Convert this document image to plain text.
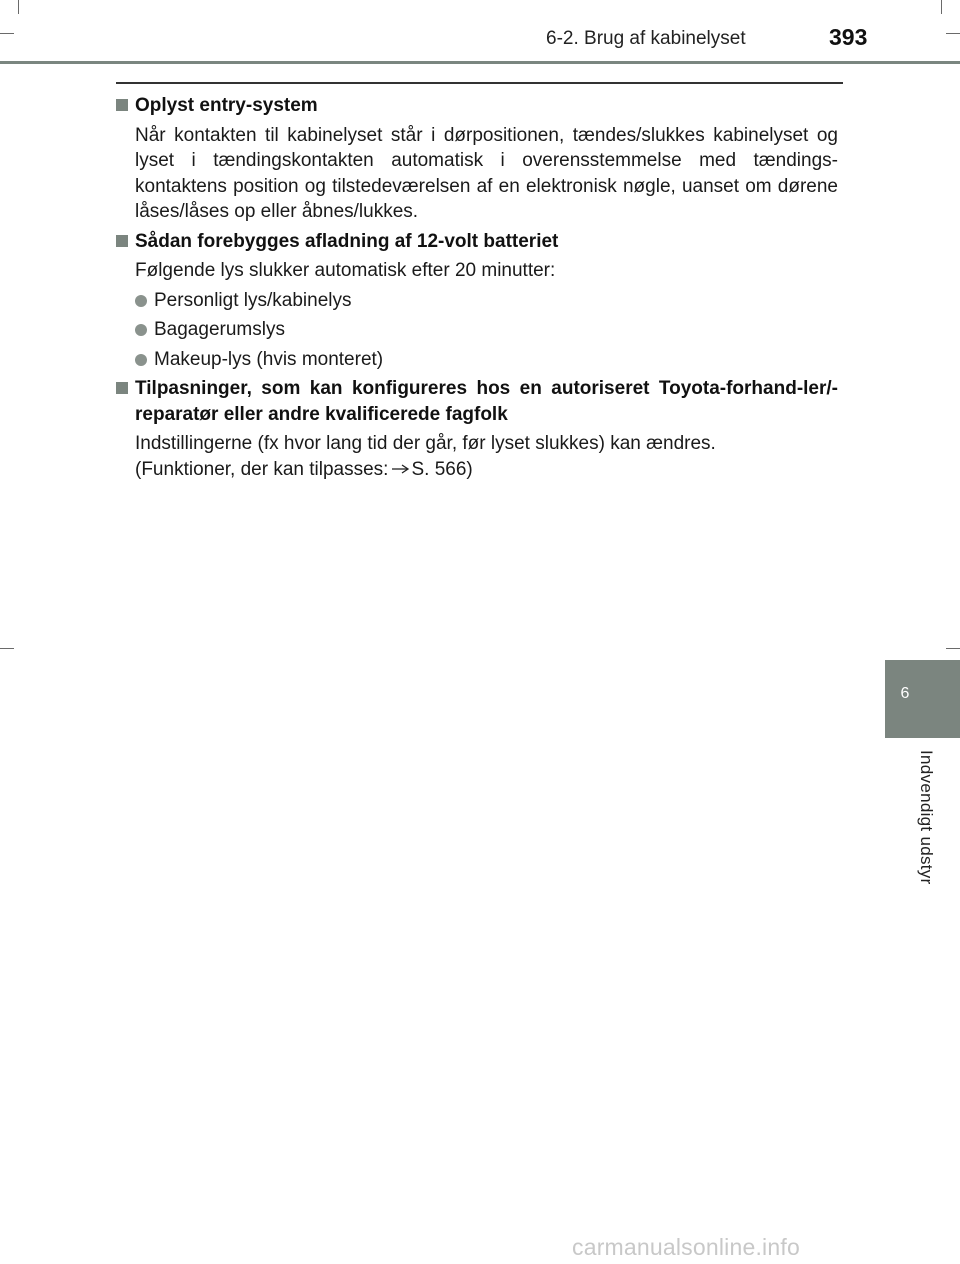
6-2. Brug af kabinelyset	393
Oplyst entry-system
Når kontakten til kabinelyset står i dørpositionen, tændes/slukkes kabinelyset og lyset i tændingskontakten automatisk i overensstemmelse med tændings-kontaktens position og tilstedeværelsen af en elektronisk nøgle, uanset om dørene låses/låses op eller åbnes/lukkes.
Sådan forebygges afladning af 12-volt batteriet
Følgende lys slukker automatisk efter 20 minutter:
Personligt lys/kabinelys
Bagagerumslys
Makeup-lys (hvis monteret)
Tilpasninger, som kan konfigureres hos en autoriseret Toyota-forhand-ler/-reparatør eller andre kvalificerede fagfolk
Indstillingerne (fx hvor lang tid der går, før lyset slukkes) kan ændres.
(Funktioner, der kan tilpasses: S. 566)
6
Indvendigt udstyr
carmanualsonline.info
